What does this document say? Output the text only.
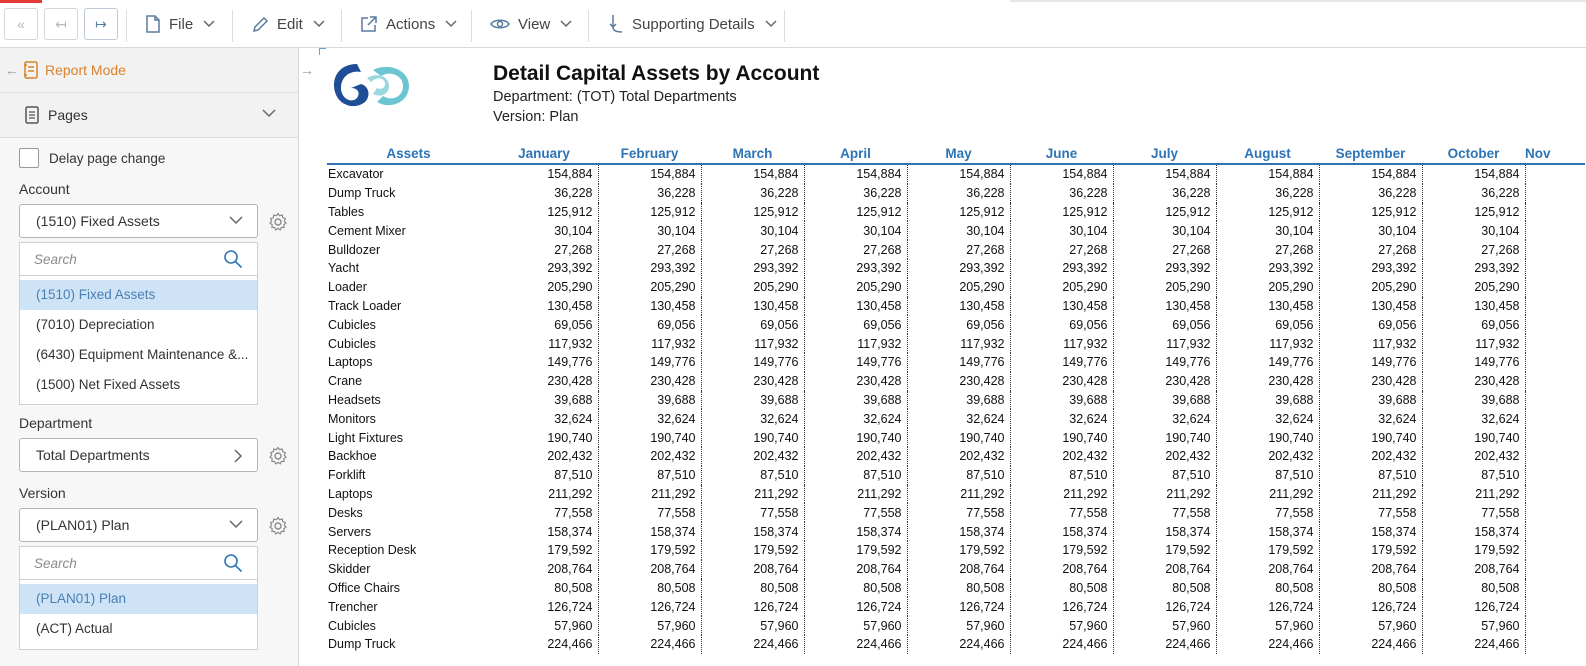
«	↤	↦	File	Edit	Actions	View	Supporting Details
← Report Mode
Pages
Delay page change
Account
(1510) Fixed Assets
Search
(1510) Fixed Assets
(7010) Depreciation
(6430) Equipment Maintenance &...
(1500) Net Fixed Assets
Department
Total Departments
Version
(PLAN01) Plan
Search
(PLAN01) Plan
(ACT) Actual
→	Detail Capital Assets by Account
Department: (TOT) Total Departments
Version: Plan
Assets	January	February	March	April	May	June	July	August	September	October	Nov
Excavator	154,884	154,884	154,884	154,884	154,884	154,884	154,884	154,884	154,884	154,884	
Dump Truck	36,228	36,228	36,228	36,228	36,228	36,228	36,228	36,228	36,228	36,228	
Tables	125,912	125,912	125,912	125,912	125,912	125,912	125,912	125,912	125,912	125,912	
Cement Mixer	30,104	30,104	30,104	30,104	30,104	30,104	30,104	30,104	30,104	30,104	
Bulldozer	27,268	27,268	27,268	27,268	27,268	27,268	27,268	27,268	27,268	27,268	
Yacht	293,392	293,392	293,392	293,392	293,392	293,392	293,392	293,392	293,392	293,392	
Loader	205,290	205,290	205,290	205,290	205,290	205,290	205,290	205,290	205,290	205,290	
Track Loader	130,458	130,458	130,458	130,458	130,458	130,458	130,458	130,458	130,458	130,458	
Cubicles	69,056	69,056	69,056	69,056	69,056	69,056	69,056	69,056	69,056	69,056	
Cubicles	117,932	117,932	117,932	117,932	117,932	117,932	117,932	117,932	117,932	117,932	
Laptops	149,776	149,776	149,776	149,776	149,776	149,776	149,776	149,776	149,776	149,776	
Crane	230,428	230,428	230,428	230,428	230,428	230,428	230,428	230,428	230,428	230,428	
Headsets	39,688	39,688	39,688	39,688	39,688	39,688	39,688	39,688	39,688	39,688	
Monitors	32,624	32,624	32,624	32,624	32,624	32,624	32,624	32,624	32,624	32,624	
Light Fixtures	190,740	190,740	190,740	190,740	190,740	190,740	190,740	190,740	190,740	190,740	
Backhoe	202,432	202,432	202,432	202,432	202,432	202,432	202,432	202,432	202,432	202,432	
Forklift	87,510	87,510	87,510	87,510	87,510	87,510	87,510	87,510	87,510	87,510	
Laptops	211,292	211,292	211,292	211,292	211,292	211,292	211,292	211,292	211,292	211,292	
Desks	77,558	77,558	77,558	77,558	77,558	77,558	77,558	77,558	77,558	77,558	
Servers	158,374	158,374	158,374	158,374	158,374	158,374	158,374	158,374	158,374	158,374	
Reception Desk	179,592	179,592	179,592	179,592	179,592	179,592	179,592	179,592	179,592	179,592	
Skidder	208,764	208,764	208,764	208,764	208,764	208,764	208,764	208,764	208,764	208,764	
Office Chairs	80,508	80,508	80,508	80,508	80,508	80,508	80,508	80,508	80,508	80,508	
Trencher	126,724	126,724	126,724	126,724	126,724	126,724	126,724	126,724	126,724	126,724	
Cubicles	57,960	57,960	57,960	57,960	57,960	57,960	57,960	57,960	57,960	57,960	
Dump Truck	224,466	224,466	224,466	224,466	224,466	224,466	224,466	224,466	224,466	224,466	
